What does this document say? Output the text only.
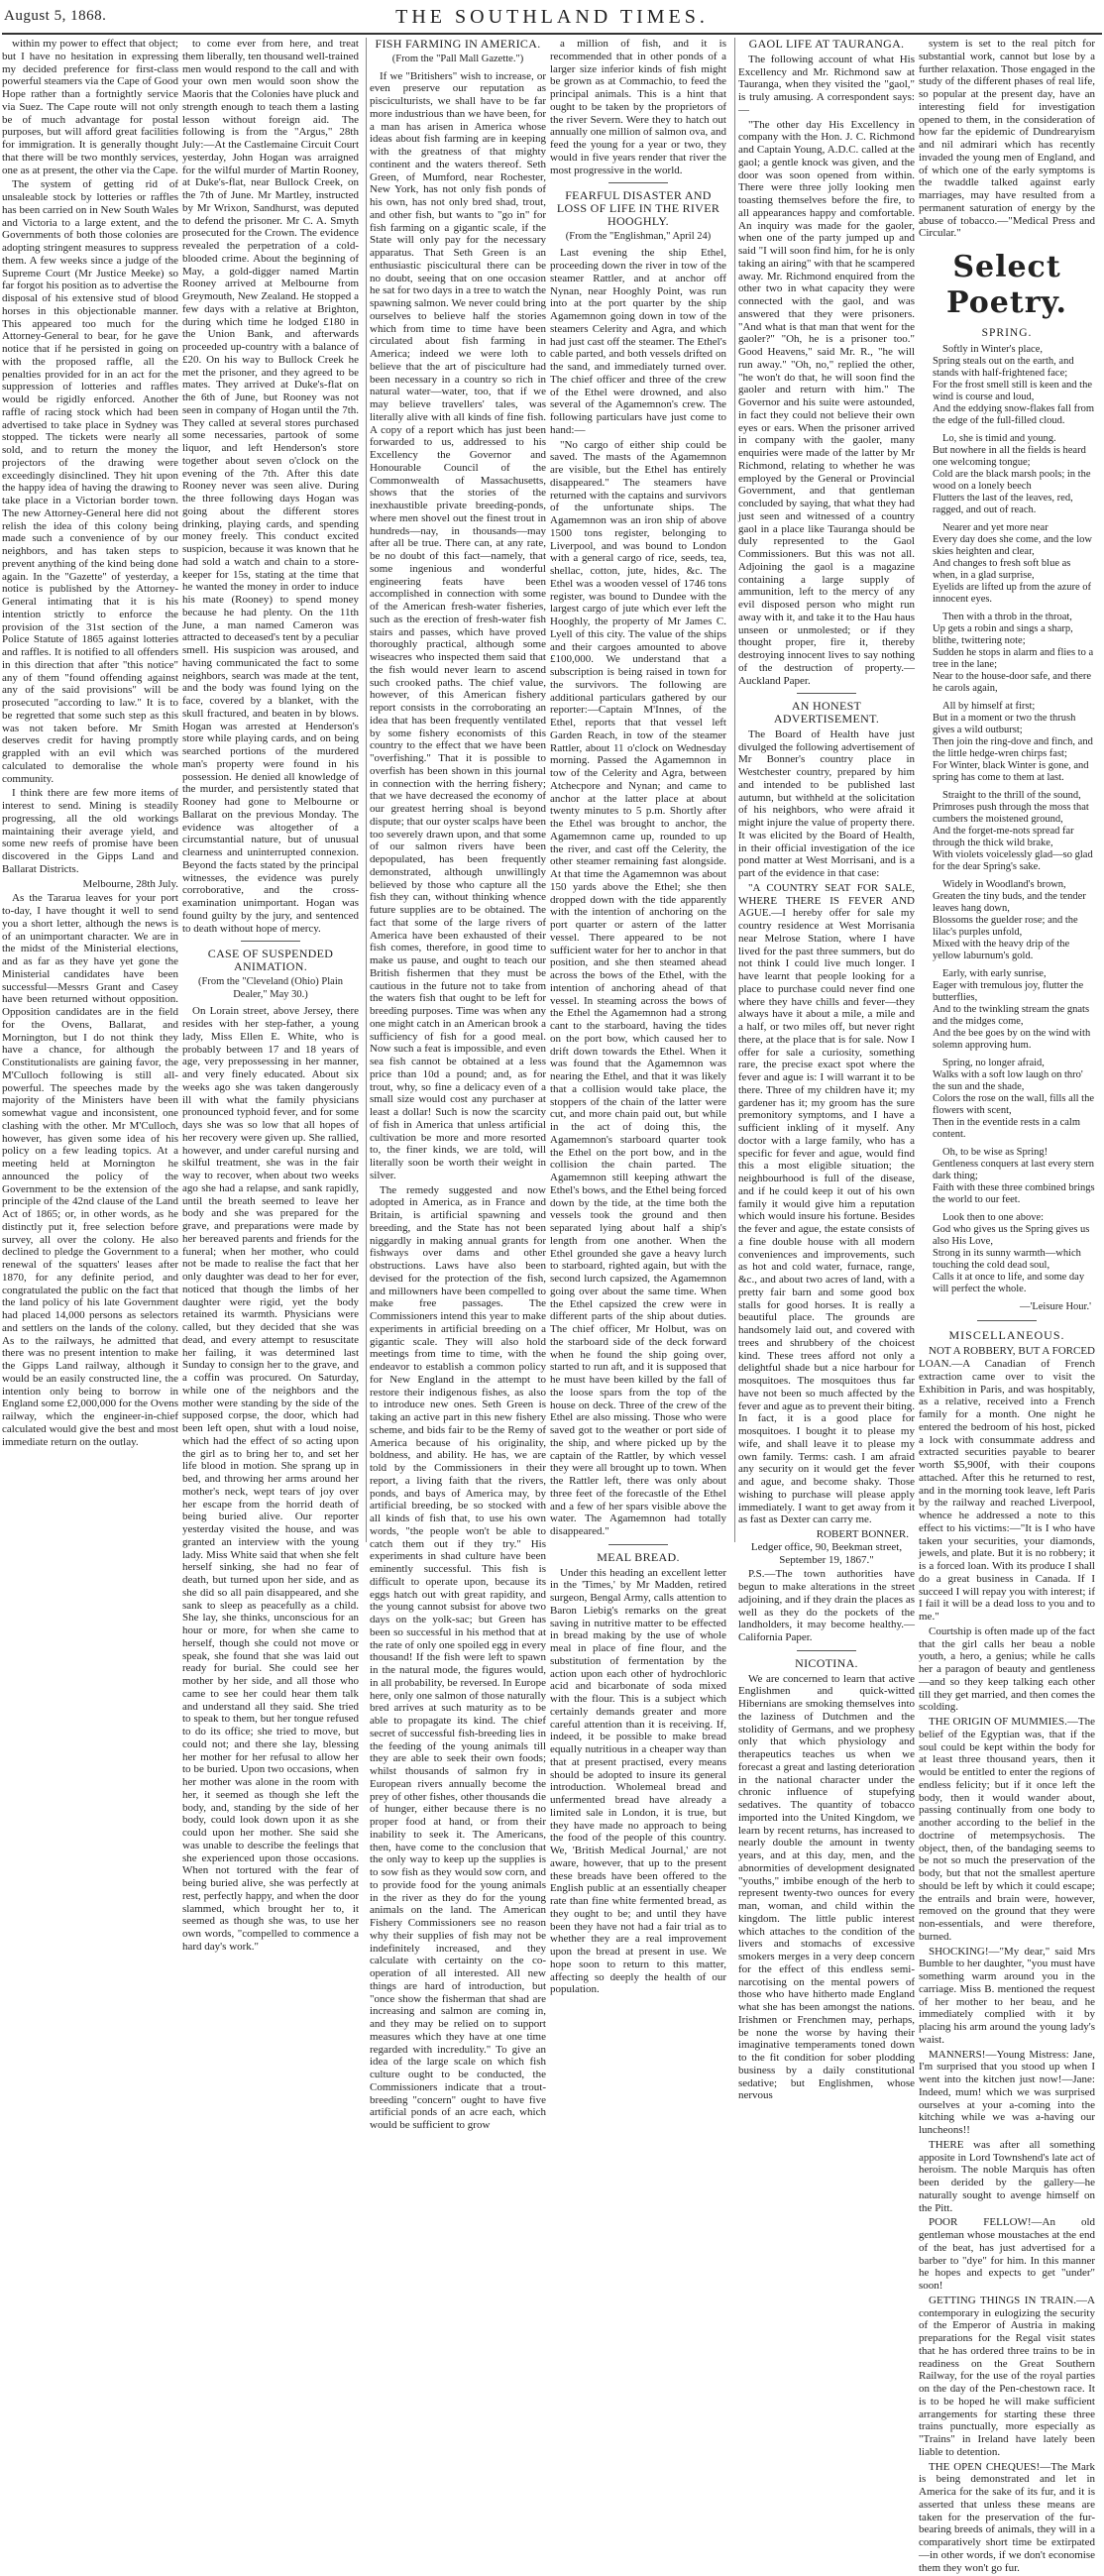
August 5, 1868.	THE SOUTHLAND TIMES.

within my power to effect that object; but I have no hesitation in expressing my decided preference for first-class powerful steamers via the Cape of Good Hope rather than a fortnightly service via Suez. The Cape route will not only be of much advantage for postal purposes, but will afford great facilities for immigration. It is generally thought that there will be two monthly services, one as at present, the other via the Cape.

The system of getting rid of unsaleable stock by lotteries or raffles has been carried on in New South Wales and Victoria to a large extent, and the Governments of both those colonies are adopting stringent measures to suppress them. A few weeks since a judge of the Supreme Court (Mr Justice Meeke) so far forgot his position as to advertise the disposal of his extensive stud of blood horses in this objectionable manner. This appeared too much for the Attorney-General to bear, for he gave notice that if he persisted in going on with the proposed raffle, all the penalties provided for in an act for the suppression of lotteries and raffles would be rigidly enforced. Another raffle of racing stock which had been advertised to take place in Sydney was stopped. The tickets were nearly all sold, and to return the money the projectors of the drawing were exceedingly disinclined. They hit upon the happy idea of having the drawing to take place in a Victorian border town. The new Attorney-General here did not relish the idea of this colony being made such a convenience of by our neighbors, and has taken steps to prevent anything of the kind being done again. In the "Gazette" of yesterday, a notice is published by the Attorney-General intimating that it is his intention strictly to enforce the provision of the 31st section of the Police Statute of 1865 against lotteries and raffles. It is notified to all offenders in this direction that after "this notice" any of them "found offending against any of the said provisions" will be prosecuted "according to law." It is to be regretted that some such step as this was not taken before. Mr Smith deserves credit for having promptly grappled with an evil which was calculated to demoralise the whole community.

I think there are few more items of interest to send. Mining is steadily progressing, all the old workings maintaining their average yield, and some new reefs of promise have been discovered in the Gipps Land and Ballarat Districts.

Melbourne, 28th July.

As the Tararua leaves for your port to-day, I have thought it well to send you a short letter, although the news is of an unimportant character. We are in the midst of the Ministerial elections, and as far as they have yet gone the Ministerial candidates have been successful—Messrs Grant and Casey have been returned without opposition. Opposition candidates are in the field for the Ovens, Ballarat, and Mornington, but I do not think they have a chance, for although the Constitutionalists are gaining favor, the M'Culloch following is still all-powerful. The speeches made by the majority of the Ministers have been somewhat vague and inconsistent, one clashing with the other. Mr M'Culloch, however, has given some idea of his policy on a few leading topics. At a meeting held at Mornington he announced the policy of the Government to be the extension of the principle of the 42nd clause of the Land Act of 1865; or, in other words, as he distinctly put it, free selection before survey, all over the colony. He also declined to pledge the Government to a renewal of the squatters' leases after 1870, for any definite period, and congratulated the public on the fact that the land policy of his late Government had placed 14,000 persons as selectors and settlers on the lands of the colony. As to the railways, he admitted that there was no present intention to make the Gipps Land railway, although it would be an easily constructed line, the intention only being to borrow in England some £2,000,000 for the Ovens railway, which the engineer-in-chief calculated would give the best and most immediate return on the outlay.

to come ever from here, and treat them liberally, ten thousand well-trained men would respond to the call and with your own men would soon show the Maoris that the Colonies have pluck and strength enough to teach them a lasting lesson without foreign aid. The following is from the "Argus," 28th July:—At the Castlemaine Circuit Court yesterday, John Hogan was arraigned for the wilful murder of Martin Rooney, at Duke's-flat, near Bullock Creek, on the 7th of June. Mr Martley, instructed by Mr Wrixon, Sandhurst, was deputed to defend the prisoner. Mr C. A. Smyth prosecuted for the Crown. The evidence revealed the perpetration of a cold-blooded crime. About the beginning of May, a gold-digger named Martin Rooney arrived at Melbourne from Greymouth, New Zealand. He stopped a few days with a relative at Brighton, during which time he lodged £180 in the Union Bank, and afterwards proceeded up-country with a balance of £20. On his way to Bullock Creek he met the prisoner, and they agreed to be mates. They arrived at Duke's-flat on the 6th of June, but Rooney was not seen in company of Hogan until the 7th. They called at several stores purchased some necessaries, partook of some liquor, and left Henderson's store together about seven o'clock on the evening of the 7th. After this date Rooney never was seen alive. During the three following days Hogan was going about the different stores drinking, playing cards, and spending money freely. This conduct excited suspicion, because it was known that he had sold a watch and chain to a store-keeper for 15s, stating at the time that he wanted the money in order to induce his mate (Rooney) to spend money because he had plenty. On the 11th June, a man named Cameron was attracted to deceased's tent by a peculiar smell. His suspicion was aroused, and having communicated the fact to some neighbors, search was made at the tent, and the body was found lying on the face, covered by a blanket, with the skull fractured, and beaten in by blows. Hogan was arrested at Henderson's store while playing cards, and on being searched portions of the murdered man's property were found in his possession. He denied all knowledge of the murder, and persistently stated that Rooney had gone to Melbourne or Ballarat on the previous Monday. The evidence was altogether of a circumstantial nature, but of unusual clearness and uninterrupted connexion. Beyond the facts stated by the principal witnesses, the evidence was purely corroborative, and the cross-examination unimportant. Hogan was found guilty by the jury, and sentenced to death without hope of mercy.

CASE OF SUSPENDED ANIMATION.
(From the "Cleveland (Ohio) Plain Dealer," May 30.)

On Lorain street, above Jersey, there resides with her step-father, a young lady, Miss Ellen E. White, who is probably between 17 and 18 years of age, very prepossessing in her manner, and very finely educated. About six weeks ago she was taken dangerously ill with what the family physicians pronounced typhoid fever, and for some days she was so low that all hopes of her recovery were given up. She rallied, however, and under careful nursing and skilful treatment, she was in the fair way to recover, when about two weeks ago she had a relapse, and sank rapidly, until the breath seemed to leave her body and she was prepared for the grave, and preparations were made by her bereaved parents and friends for the funeral; when her mother, who could not be made to realise the fact that her only daughter was dead to her for ever, noticed that though the limbs of her daughter were rigid, yet the body retained its warmth. Physicians were called, but they decided that she was dead, and every attempt to resuscitate her failing, it was determined last Sunday to consign her to the grave, and a coffin was procured. On Saturday, while one of the neighbors and the mother were standing by the side of the supposed corpse, the door, which had been left open, shut with a loud noise, which had the effect of so acting upon the girl as to bring her to, and set her life blood in motion. She sprang up in bed, and throwing her arms around her mother's neck, wept tears of joy over her escape from the horrid death of being buried alive. Our reporter yesterday visited the house, and was granted an interview with the young lady. Miss White said that when she felt herself sinking, she had no fear of death, but turned upon her side, and as she did so all pain disappeared, and she sank to sleep as peacefully as a child. She lay, she thinks, unconscious for an hour or more, for when she came to herself, though she could not move or speak, she found that she was laid out ready for burial. She could see her mother by her side, and all those who came to see her could hear them talk and understand all they said. She tried to speak to them, but her tongue refused to do its office; she tried to move, but could not; and there she lay, blessing her mother for her refusal to allow her to be buried. Upon two occasions, when her mother was alone in the room with her, it seemed as though she left the body, and, standing by the side of her body, could look down upon it as she could upon her mother. She said she was unable to describe the feelings that she experienced upon those occasions. When not tortured with the fear of being buried alive, she was perfectly at rest, perfectly happy, and when the door slammed, which brought her to, it seemed as though she was, to use her own words, "compelled to commence a hard day's work."

FISH FARMING IN AMERICA.
(From the "Pall Mall Gazette.")

If we "Britishers" wish to increase, or even preserve our reputation as pisciculturists, we shall have to be far more industrious than we have been, for a man has arisen in America whose ideas about fish farming are in keeping with the greatness of that mighty continent and the waters thereof. Seth Green, of Mumford, near Rochester, New York, has not only fish ponds of his own, has not only bred shad, trout, and other fish, but wants to "go in" for fish farming on a gigantic scale, if the State will only pay for the necessary apparatus. That Seth Green is an enthusiastic piscicultural there can be no doubt, seeing that on one occasion he sat for two days in a tree to watch the spawning salmon. We never could bring ourselves to believe half the stories which from time to time have been circulated about fish farming in America; indeed we were loth to believe that the art of pisciculture had been necessary in a country so rich in natural water—water, too, that if we may believe travellers' tales, was literally alive with all kinds of fine fish. A copy of a report which has just been forwarded to us, addressed to his Excellency the Governor and Honourable Council of the Commonwealth of Massachusetts, shows that the stories of the inexhaustible private breeding-ponds, where men shovel out the finest trout in hundreds—nay, in thousands—may after all be true. There can, at any rate, be no doubt of this fact—namely, that some ingenious and wonderful engineering feats have been accomplished in connection with some of the American fresh-water fisheries, such as the erection of fresh-water fish stairs and passes, which have proved thoroughly practical, although some wiseacres who inspected them said that the fish would never learn to ascend such crooked paths. The chief value, however, of this American fishery report consists in the corroborating an idea that has been frequently ventilated by some fishery economists of this country to the effect that we have been "overfishing." That it is possible to overfish has been shown in this journal in connection with the herring fishery; that we have decreased the economy of our greatest herring shoal is beyond dispute; that our oyster scalps have been too severely drawn upon, and that some of our salmon rivers have been depopulated, has been frequently demonstrated, although unwillingly believed by those who capture all the fish they can, without thinking whence future supplies are to be obtained. The fact that some of the large rivers of America have been exhausted of their fish comes, therefore, in good time to make us pause, and ought to teach our British fishermen that they must be cautious in the future not to take from the waters fish that ought to be left for breeding purposes. Time was when any one might catch in an American brook a sufficiency of fish for a good meal. Now such a feat is impossible, and even sea fish cannot be obtained at a less price than 10d a pound; and, as for trout, why, so fine a delicacy even of a small size would cost any purchaser at least a dollar! Such is now the scarcity of fish in America that unless artificial cultivation be more and more resorted to, the finer kinds, we are told, will literally soon be worth their weight in silver.

The remedy suggested and now adopted in America, as in France and Britain, is artificial spawning and breeding, and the State has not been niggardly in making annual grants for fishways over dams and other obstructions. Laws have also been devised for the protection of the fish, and millowners have been compelled to make free passages. The Commissioners intend this year to make experiments in artificial breeding on a gigantic scale. They will also hold meetings from time to time, with the endeavor to establish a common policy for New England in the attempt to restore their indigenous fishes, as also to introduce new ones. Seth Green is taking an active part in this new fishery scheme, and bids fair to be the Remy of America because of his originality, boldness, and ability. He has, we are told by the Commissioners in their report, a living faith that the rivers, ponds, and bays of America may, by artificial breeding, be so stocked with all kinds of fish that, to use his own words, "the people won't be able to catch them out if they try." His experiments in shad culture have been eminently successful. This fish is difficult to operate upon, because its eggs hatch out with great rapidity, and the young cannot subsist for above two days on the yolk-sac; but Green has been so successful in his method that at the rate of only one spoiled egg in every thousand! If the fish were left to spawn in the natural mode, the figures would, in all probability, be reversed. In Europe here, only one salmon of those naturally bred arrives at such maturity as to be able to propagate its kind. The chief secret of successful fish-breeding lies in the feeding of the young animals till they are able to seek their own foods; whilst thousands of salmon fry in European rivers annually become the prey of other fishes, other thousands die of hunger, either because there is no proper food at hand, or from their inability to seek it. The Americans, then, have come to the conclusion that the only way to keep up the supplies is to sow fish as they would sow corn, and to provide food for the young animals in the river as they do for the young animals on the land. The American Fishery Commissioners see no reason why their supplies of fish may not be indefinitely increased, and they calculate with certainty on the co-operation of all interested. All new things are hard of introduction, but "once show the fisherman that shad are increasing and salmon are coming in, and they may be relied on to support measures which they have at one time regarded with incredulity." To give an idea of the large scale on which fish culture ought to be conducted, the Commissioners indicate that a trout-breeding "concern" ought to have five artificial ponds of an acre each, which would be sufficient to grow

a million of fish, and it is recommended that in other ponds of a larger size inferior kinds of fish might be grown as at Commachio, to feed the principal animals. This is a hint that ought to be taken by the proprietors of the river Severn. Were they to hatch out annually one million of salmon ova, and feed the young for a year or two, they would in five years render that river the most progressive in the world.

FEARFUL DISASTER AND LOSS OF LIFE IN THE RIVER HOOGHLY.
(From the "Englishman," April 24)

Last evening the ship Ethel, proceeding down the river in tow of the steamer Rattler, and at anchor off Nynan, near Hooghly Point, was run into at the port quarter by the ship Agamemnon going down in tow of the steamers Celerity and Agra, and which had just cast off the steamer. The Ethel's cable parted, and both vessels drifted on the sand, and immediately turned over. The chief officer and three of the crew of the Ethel were drowned, and also several of the Agamemnon's crew. The following particulars have just come to hand:—

"No cargo of either ship could be saved. The masts of the Agamemnon are visible, but the Ethel has entirely disappeared." The steamers have returned with the captains and survivors of the unfortunate ships. The Agamemnon was an iron ship of above 1500 tons register, belonging to Liverpool, and was bound to London with a general cargo of rice, seeds, tea, shellac, cotton, jute, hides, &c. The Ethel was a wooden vessel of 1746 tons register, was bound to Dundee with the largest cargo of jute which ever left the Hooghly, the property of Mr James C. Lyell of this city. The value of the ships and their cargoes amounted to above £100,000. We understand that a subscription is being raised in town for the survivors. The following are additional particulars gathered by our reporter:—Captain M'Innes, of the Ethel, reports that that vessel left Garden Reach, in tow of the steamer Rattler, about 11 o'clock on Wednesday morning. Passed the Agamemnon in tow of the Celerity and Agra, between Atchecpore and Nynan; and came to anchor at the latter place at about twenty minutes to 5 p.m. Shortly after the Ethel was brought to anchor, the Agamemnon came up, rounded to up the river, and cast off the Celerity, the other steamer remaining fast alongside. At that time the Agamemnon was about 150 yards above the Ethel; she then dropped down with the tide apparently with the intention of anchoring on the port quarter or astern of the latter vessel. There appeared to be not sufficient water for her to anchor in that position, and she then steamed ahead across the bows of the Ethel, with the intention of anchoring ahead of that vessel. In steaming across the bows of the Ethel the Agamemnon had a strong cant to the starboard, having the tides on the port bow, which caused her to drift down towards the Ethel. When it was found that the Agamemnon was nearing the Ethel, and that it was likely that a collision would take place, the stoppers of the chain of the latter were cut, and more chain paid out, but while in the act of doing this, the Agamemnon's starboard quarter took the Ethel on the port bow, and in the collision the chain parted. The Agamemnon still keeping athwart the Ethel's bows, and the Ethel being forced down by the tide, at the time both the vessels took the ground and then separated lying about half a ship's length from one another. When the Ethel grounded she gave a heavy lurch to starboard, righted again, but with the second lurch capsized, the Agamemnon going over about the same time. When the Ethel capsized the crew were in different parts of the ship about duties. The chief officer, Mr Holbut, was on the starboard side of the deck forward when he found the ship going over, started to run aft, and it is supposed that he must have been killed by the fall of the loose spars from the top of the house on deck. Three of the crew of the Ethel are also missing. Those who were saved got to the weather or port side of the ship, and where picked up by the captain of the Rattler, by which vessel they were all brought up to town. When the Rattler left, there was only about three feet of the forecastle of the Ethel and a few of her spars visible above the water. The Agamemnon had totally disappeared."

MEAL BREAD.

Under this heading an excellent letter in the 'Times,' by Mr Madden, retired surgeon, Bengal Army, calls attention to Baron Liebig's remarks on the great saving in nutritive matter to be effected in bread making by the use of whole meal in place of fine flour, and the substitution of fermentation by the action upon each other of hydrochloric acid and bicarbonate of soda mixed with the flour. This is a subject which certainly demands greater and more careful attention than it is receiving. If, indeed, it be possible to make bread equally nutritious in a cheaper way than that at present practised, every means should be adopted to insure its general introduction. Wholemeal bread and unfermented bread have already a limited sale in London, it is true, but they have made no approach to being the food of the people of this country. We, 'British Medical Journal,' are not aware, however, that up to the present these breads have been offered to the English public at an essentially cheaper rate than fine white fermented bread, as they ought to be; and until they have been they have not had a fair trial as to whether they are a real improvement upon the bread at present in use. We hope soon to return to this matter, affecting so deeply the health of our population.

GAOL LIFE AT TAURANGA.

The following account of what His Excellency and Mr. Richmond saw at Tauranga, when they visited the "gaol," is truly amusing. A correspondent says:—

"The other day His Excellency in company with the Hon. J. C. Richmond and Captain Young, A.D.C. called at the gaol; a gentle knock was given, and the door was soon opened from within. There were three jolly looking men toasting themselves before the fire, to all appearances happy and comfortable. An inquiry was made for the gaoler, when one of the party jumped up and said "I will soon find him, for he is only taking an airing" with that he scampered away. Mr. Richmond enquired from the other two in what capacity they were connected with the gaol, and was answered that they were prisoners. "And what is that man that went for the gaoler?" "Oh, he is a prisoner too." Good Heavens," said Mr. R., "he will run away." "Oh, no," replied the other, "he won't do that, he will soon find the gaoler and return with him." The Governor and his suite were astounded, in fact they could not believe their own eyes or ears. When the prisoner arrived in company with the gaoler, many enquiries were made of the latter by Mr Richmond, relating to whether he was employed by the General or Provincial Government, and that gentleman concluded by saying, that what they had just seen and witnessed of a country gaol in a place like Tauranga should be duly represented to the Gaol Commissioners. But this was not all. Adjoining the gaol is a magazine containing a large supply of ammunition, left to the mercy of any evil disposed person who might run away with it, and take it to the Hau haus unseen or unmolested; or if they thought proper, fire it, thereby destroying innocent lives to say nothing of the destruction of property.—Auckland Paper.

AN HONEST ADVERTISEMENT.

The Board of Health have just divulged the following advertisement of Mr Bonner's country place in Westchester country, prepared by him and intended to be published last autumn, but withheld at the solicitation of his neighbors, who were afraid it might injure the value of property there. It was elicited by the Board of Health, in their official investigation of the ice pond matter at West Morrisani, and is a part of the evidence in that case:

"A COUNTRY SEAT FOR SALE, WHERE THERE IS FEVER AND AGUE.—I hereby offer for sale my country residence at West Morrisania near Melrose Station, where I have lived for the past three summers, but do not think I could live much longer. I have learnt that people looking for a place to purchase could never find one where they have chills and fever—they always have it about a mile, a mile and a half, or two miles off, but never right there, at the place that is for sale. Now I offer for sale a curiosity, something rare, the precise exact spot where the fever and ague is: I will warrant it to be there. Three of my children have it; my gardener has it; my groom has the sure premonitory symptoms, and I have a sufficient inkling of it myself. Any doctor with a large family, who has a specific for fever and ague, would find this a most eligible situation; the neighbourhood is full of the disease, and if he could keep it out of his own family it would give him a reputation which would insure his fortune. Besides the fever and ague, the estate consists of a fine double house with all modern conveniences and improvements, such as hot and cold water, furnace, range, &c., and about two acres of land, with a pretty fair barn and some good box stalls for good horses. It is really a beautiful place. The grounds are handsomely laid out, and covered with trees and shrubbery of the choicest kind. These trees afford not only a delightful shade but a nice harbour for mosquitoes. The mosquitoes thus far have not been so much affected by the fever and ague as to prevent their biting. In fact, it is a good place for mosquitoes. I bought it to please my wife, and shall leave it to please my own family. Terms: cash. I am afraid any security on it would get the fever and ague, and become shaky. Those wishing to purchase will please apply immediately. I want to get away from it as fast as Dexter can carry me.

ROBERT BONNER.

Ledger office, 90, Beekman street, September 19, 1867."

P.S.—The town authorities have begun to make alterations in the street adjoining, and if they drain the places as well as they do the pockets of the landholders, it may become healthy.—California Paper.

NICOTINA.

We are concerned to learn that active Englishmen and quick-witted Hibernians are smoking themselves into the laziness of Dutchmen and the stolidity of Germans, and we prophesy only that which physiology and therapeutics teaches us when we forecast a great and lasting deterioration in the national character under the chronic influence of stupefying sedatives. The quantity of tobacco imported into the United Kingdom, we learn by recent returns, has increased to nearly double the amount in twenty years, and at this day, men, and the abnormities of development designated "youths," imbibe enough of the herb to represent twenty-two ounces for every man, woman, and child within the kingdom. The little public interest which attaches to the condition of the livers and stomachs of excessive smokers merges in a very deep concern for the effect of this endless semi-narcotising on the mental powers of those who have hitherto made England what she has been amongst the nations. Irishmen or Frenchmen may, perhaps, be none the worse by having their imaginative temperaments toned down to the fit condition for sober plodding business by a daily constitutional sedative; but Englishmen, whose nervous

system is set to the real pitch for substantial work, cannot but lose by a further relaxation. Those engaged in the study of the different phases of real life, so popular at the present day, have an interesting field for investigation opened to them, in the consideration of how far the epidemic of Dundrearyism and nil admirari which has recently invaded the young men of England, and of which one of the early symptoms is the twaddle talked against early marriages, may have resulted from a permanent saturation of energy by the abuse of tobacco.—"Medical Press and Circular."

Select Poetry.
SPRING.
Softly in Winter's place,
Spring steals out on the earth, and stands with half-frightened face;
For the frost smell still is keen and the wind is course and loud,
And the eddying snow-flakes fall from the edge of the full-filled cloud.
Lo, she is timid and young.
But nowhere in all the fields is heard one welcoming tongue;
Cold are the black marsh pools; in the wood on a lonely beech
Flutters the last of the leaves, red, ragged, and out of reach.
Nearer and yet more near
Every day does she come, and the low skies heighten and clear,
And changes to fresh soft blue as when, in a glad surprise,
Eyelids are lifted up from the azure of innocent eyes.
Then with a throb in the throat,
Up gets a robin and sings a sharp, blithe, twittering note;
Sudden he stops in alarm and flies to a tree in the lane;
Near to the house-door safe, and there he carols again,
All by himself at first;
But in a moment or two the thrush gives a wild outburst;
Then join the ring-dove and finch, and the little hedge-wren chirps fast;
For Winter, black Winter is gone, and spring has come to them at last.
Straight to the thrill of the sound,
Primroses push through the moss that cumbers the moistened ground,
And the forget-me-nots spread far through the thick wild brake,
With violets voicelessly glad—so glad for the dear Spring's sake.
Widely in Woodland's brown,
Greaten the tiny buds, and the tender leaves hang down,
Blossoms the guelder rose; and the lilac's purples unfold,
Mixed with the heavy drip of the yellow laburnum's gold.
Early, with early sunrise,
Eager with tremulous joy, flutter the butterflies,
And to the twinkling stream the gnats and the midges come,
And the bee goes by on the wind with solemn approving hum.
Spring, no longer afraid,
Walks with a soft low laugh on thro' the sun and the shade,
Colors the rose on the wall, fills all the flowers with scent,
Then in the eventide rests in a calm content.
Oh, to be wise as Spring!
Gentleness conquers at last every stern dark thing;
Faith with these three combined brings the world to our feet.
Look then to one above:
God who gives us the Spring gives us also His Love,
Strong in its sunny warmth—which touching the cold dead soul,
Calls it at once to life, and some day will perfect the whole.
—'Leisure Hour.'
MISCELLANEOUS.

NOT A ROBBERY, BUT A FORCED LOAN.—A Canadian of French extraction came over to visit the Exhibition in Paris, and was hospitably, as a relative, received into a French family for a month. One night he entered the bedroom of his host, picked a lock with consummate address and extracted securities payable to bearer worth $5,900f, with their coupons attached. After this he returned to rest, and in the morning took leave, left Paris by the railway and reached Liverpool, whence he addressed a note to this effect to his victims:—"It is I who have taken your securities, your diamonds, jewels, and plate. But it is no robbery; it is a forced loan. With its produce I shall do a great business in Canada. If I succeed I will repay you with interest; if I fail it will be a dead loss to you and to me."

Courtship is often made up of the fact that the girl calls her beau a noble youth, a hero, a genius; while he calls her a paragon of beauty and gentleness—and so they keep talking each other till they get married, and then comes the scolding.

THE ORIGIN OF MUMMIES.—The belief of the Egyptian was, that if the soul could be kept within the body for at least three thousand years, then it would be entitled to enter the regions of endless felicity; but if it once left the body, then it would wander about, passing continually from one body to another according to the belief in the doctrine of metempsychosis. The object, then, of the bandaging seems to be not so much the preservation of the body, but that not the smallest aperture should be left by which it could escape; the entrails and brain were, however, removed on the ground that they were non-essentials, and were therefore, burned.

SHOCKING!—"My dear," said Mrs Bumble to her daughter, "you must have something warm around you in the carriage. Miss B. mentioned the request of her mother to her beau, and he immediately complied with it by placing his arm around the young lady's waist.

MANNERS!—Young Mistress: Jane, I'm surprised that you stood up when I went into the kitchen just now!—Jane: Indeed, mum! which we was surprised ourselves at your a-coming into the kitching while we was a-having our luncheons!!

THERE was after all something apposite in Lord Townshend's late act of heroism. The noble Marquis has often been derided by the gallery—he naturally sought to avenge himself on the Pitt.

POOR FELLOW!—An old gentleman whose moustaches at the end of the beat, has just advertised for a barber to "dye" for him. In this manner he hopes and expects to get "under" soon!

GETTING THINGS IN TRAIN.—A contemporary in eulogizing the security of the Emperor of Austria in making preparations for the Regal visit states that he has ordered three trains to be in readiness on the Great Southern Railway, for the use of the royal parties on the day of the Pen-chestown race. It is to be hoped he will make sufficient arrangements for starting these three trains punctually, more especially as "Trains" in Ireland have lately been liable to detention.

THE OPEN CHEQUES!—The Mark is being demonstrated and let in America for the sake of its fur, and it is asserted that unless these means are taken for the preservation of the fur-bearing breeds of animals, they will in a comparatively short time be extirpated—in other words, if we don't economise them they won't go fur.
